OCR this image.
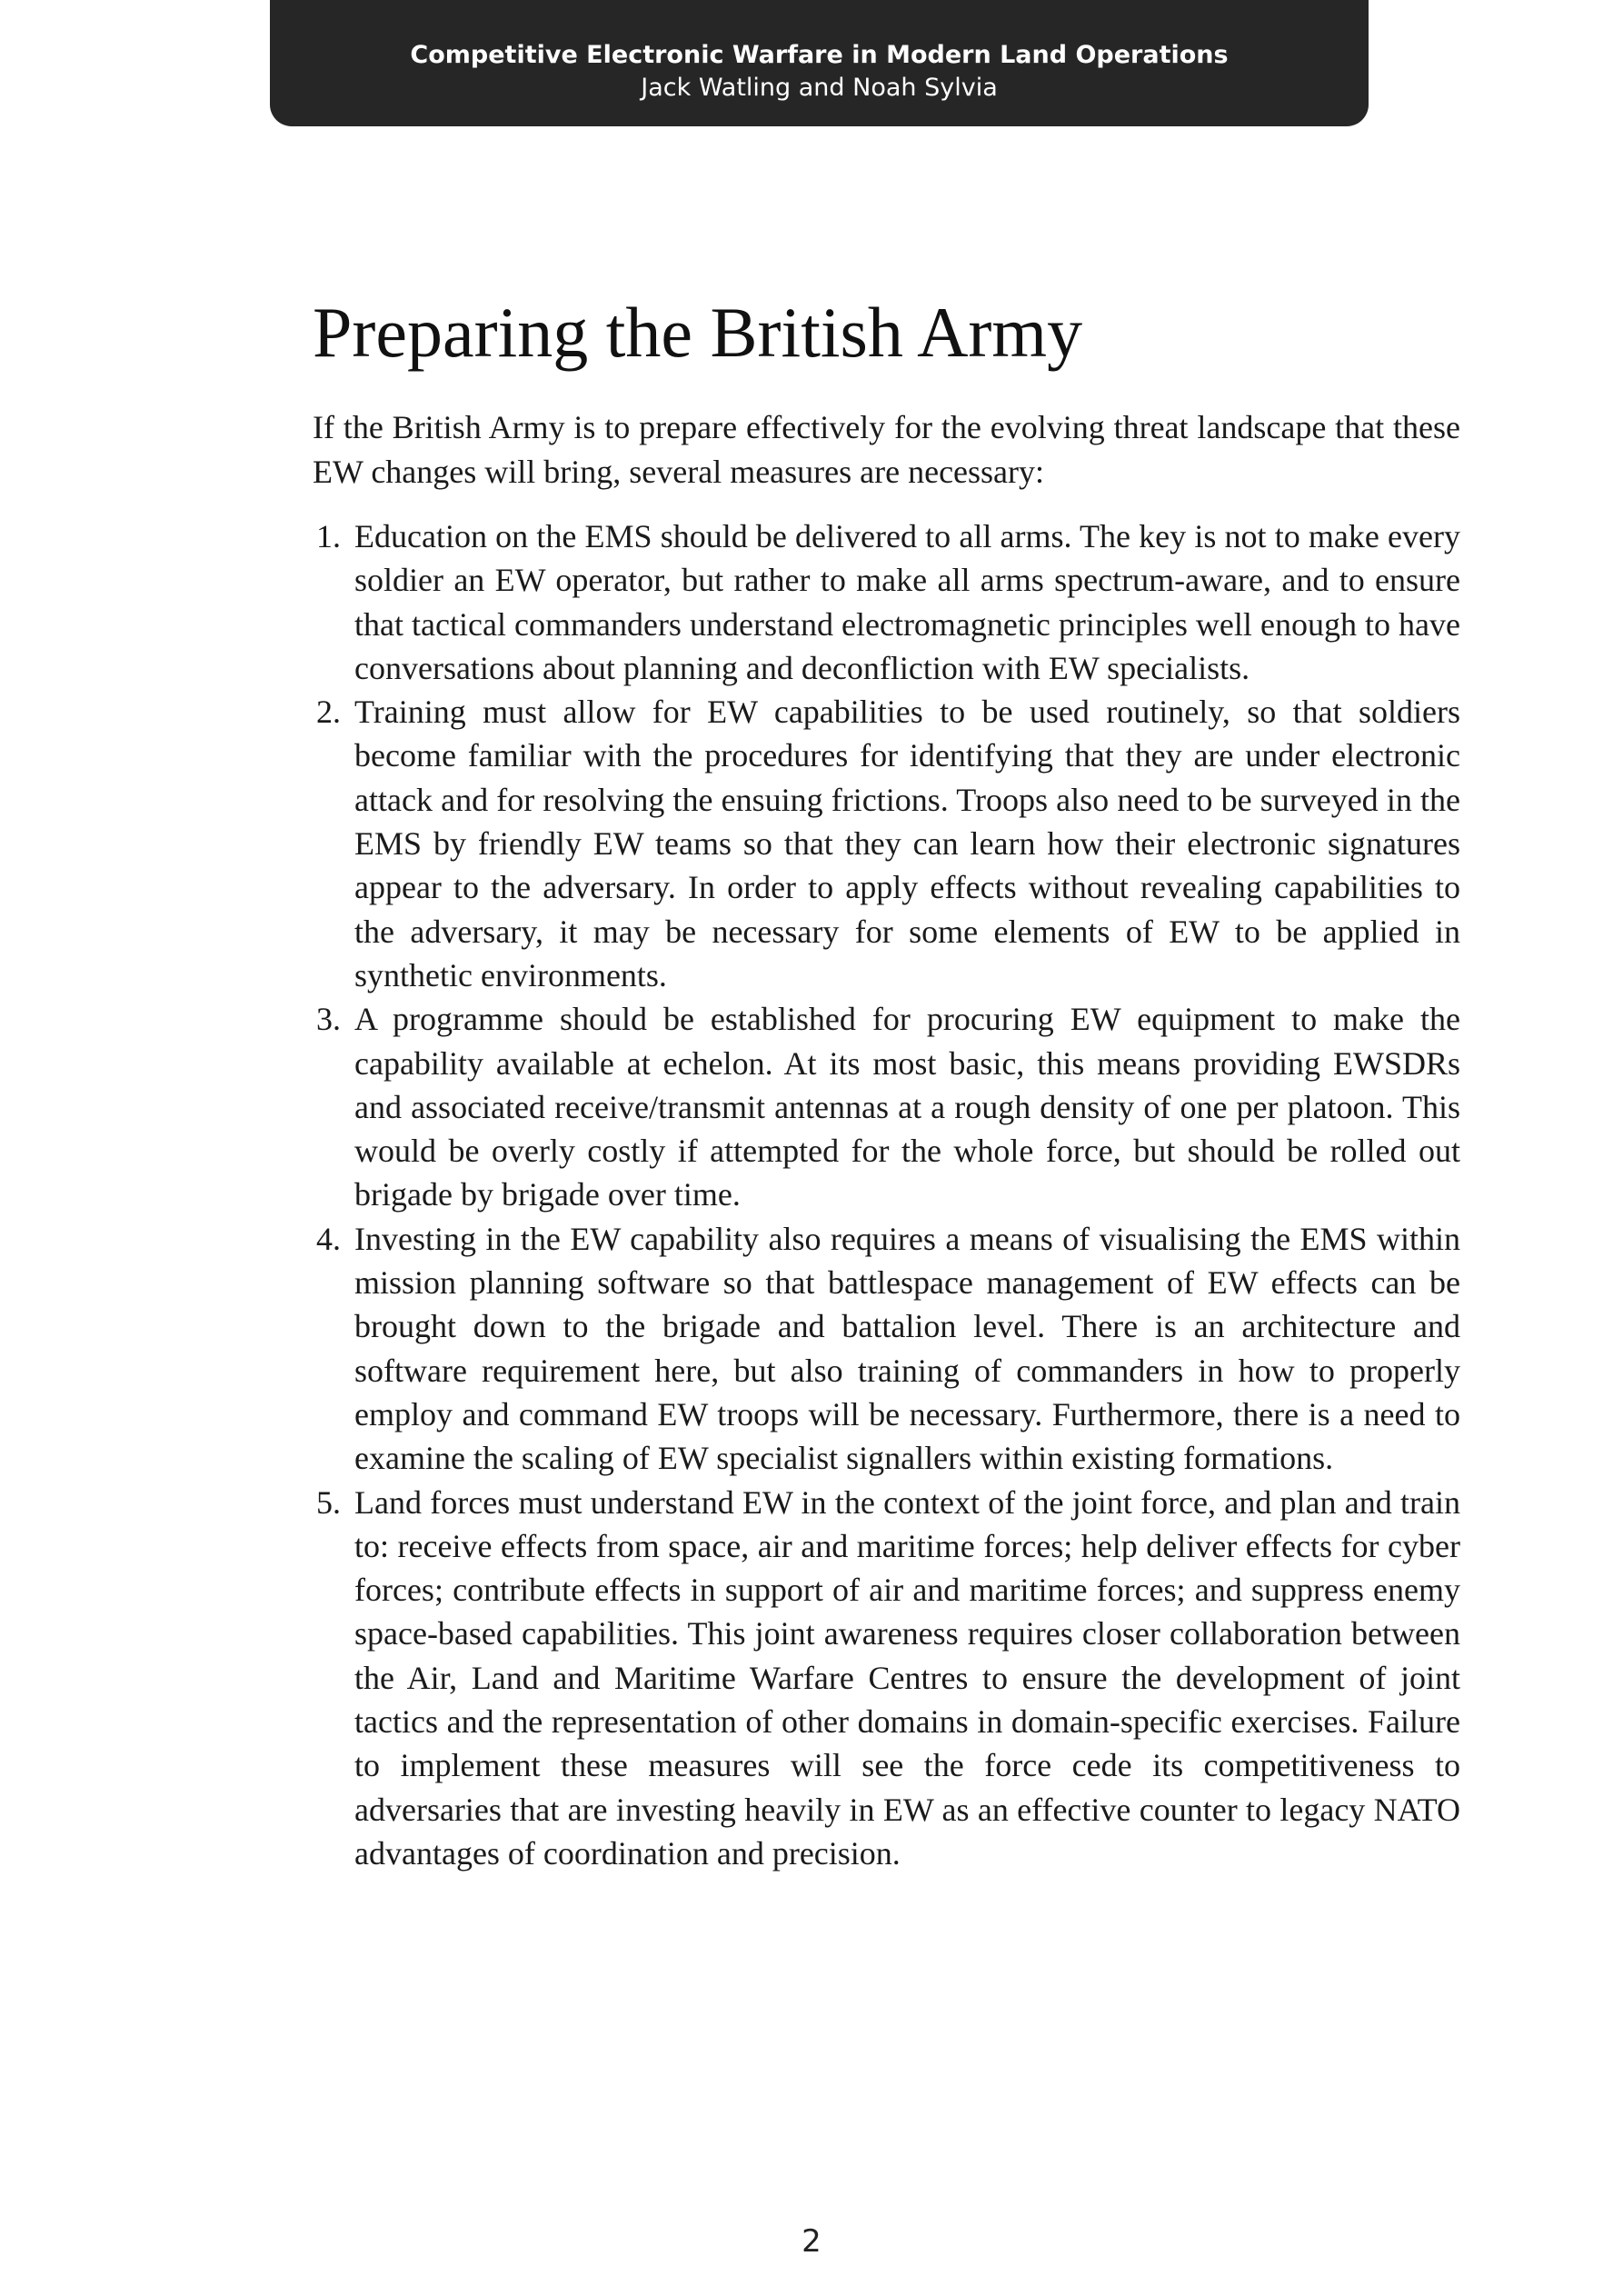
Competitive Electronic Warfare in Modern Land Operations
Jack Watling and Noah Sylvia
Preparing the British Army

If the British Army is to prepare effectively for the evolving threat landscape that these EW changes will bring, several measures are necessary:

1. Education on the EMS should be delivered to all arms. The key is not to make every soldier an EW operator, but rather to make all arms spectrum-aware, and to ensure that tactical commanders understand electromagnetic principles well enough to have conversations about planning and deconfliction with EW specialists.
2. Training must allow for EW capabilities to be used routinely, so that soldiers become familiar with the procedures for identifying that they are under electronic attack and for resolving the ensuing frictions. Troops also need to be surveyed in the EMS by friendly EW teams so that they can learn how their electronic signatures appear to the adversary. In order to apply effects without revealing capabilities to the adversary, it may be necessary for some elements of EW to be applied in synthetic environments.
3. A programme should be established for procuring EW equipment to make the capability available at echelon. At its most basic, this means providing EWSDRs and associated receive/transmit antennas at a rough density of one per platoon. This would be overly costly if attempted for the whole force, but should be rolled out brigade by brigade over time.
4. Investing in the EW capability also requires a means of visualising the EMS within mission planning software so that battlespace management of EW effects can be brought down to the brigade and battalion level. There is an architecture and software requirement here, but also training of commanders in how to properly employ and command EW troops will be necessary. Furthermore, there is a need to examine the scaling of EW specialist signallers within existing formations.
5. Land forces must understand EW in the context of the joint force, and plan and train to: receive effects from space, air and maritime forces; help deliver effects for cyber forces; contribute effects in support of air and maritime forces; and suppress enemy space-based capabilities. This joint awareness requires closer collaboration between the Air, Land and Maritime Warfare Centres to ensure the development of joint tactics and the representation of other domains in domain-specific exercises. Failure to implement these measures will see the force cede its competitiveness to adversaries that are investing heavily in EW as an effective counter to legacy NATO advantages of coordination and precision.
2
